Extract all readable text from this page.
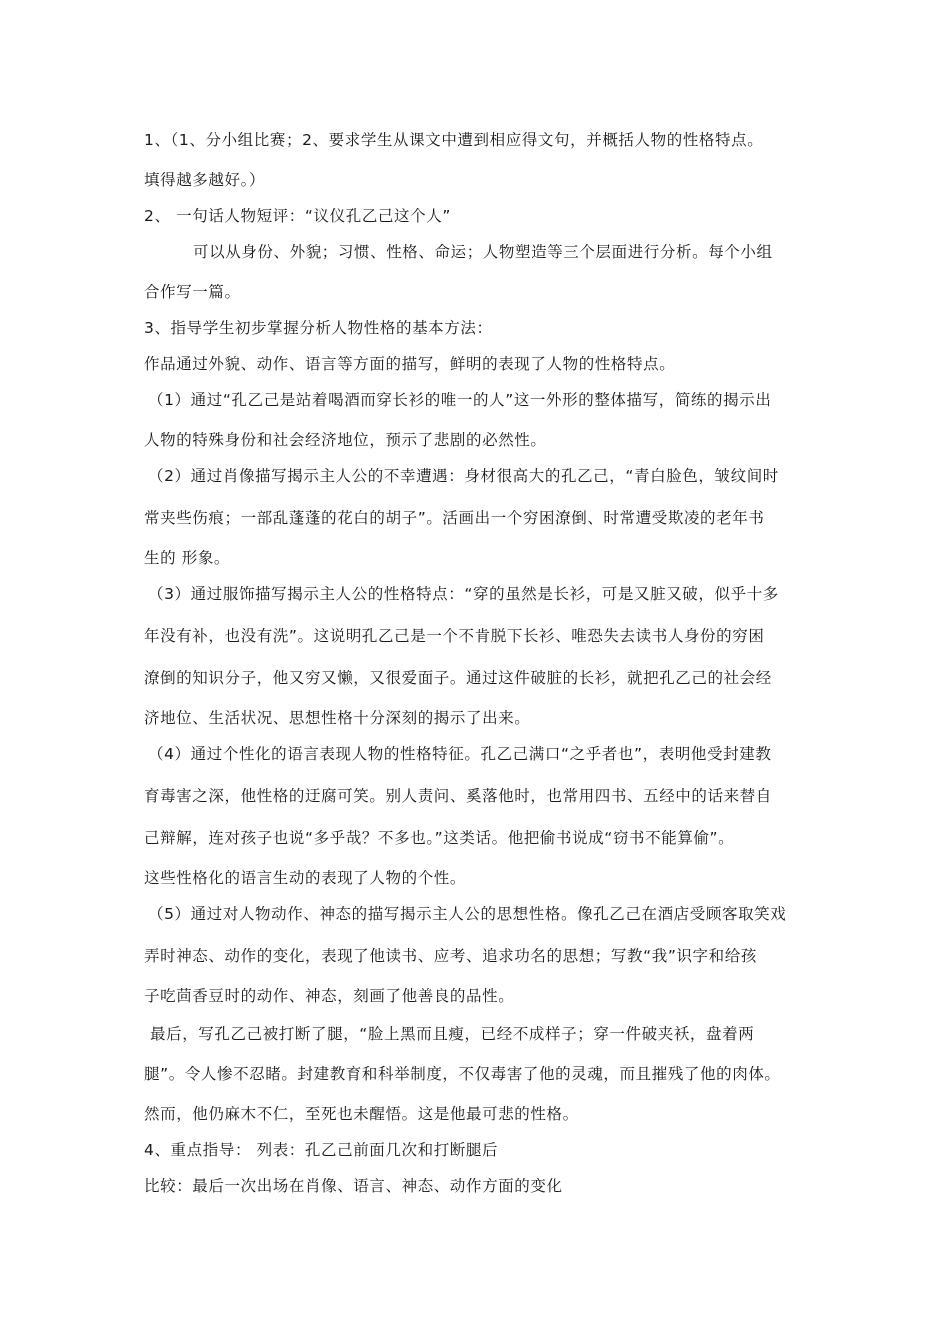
1、（1、分小组比赛；2、要求学生从课文中遭到相应得文句，并概括人物的性格特点。
填得越多越好。）
2、 一句话人物短评：“议仪孔乙己这个人”
可以从身份、外貌；习惯、性格、命运；人物塑造等三个层面进行分析。每个小组
合作写一篇。
3、指导学生初步掌握分析人物性格的基本方法：
作品通过外貌、动作、语言等方面的描写，鲜明的表现了人物的性格特点。
（1）通过“孔乙己是站着喝酒而穿长衫的唯一的人”这一外形的整体描写，简练的揭示出
人物的特殊身份和社会经济地位，预示了悲剧的必然性。
（2）通过肖像描写揭示主人公的不幸遭遇：身材很高大的孔乙己，“青白脸色，皱纹间时
常夹些伤痕；一部乱蓬蓬的花白的胡子”。活画出一个穷困潦倒、时常遭受欺凌的老年书
生的 形象。
（3）通过服饰描写揭示主人公的性格特点：“穿的虽然是长衫，可是又脏又破，似乎十多
年没有补，也没有洗”。这说明孔乙己是一个不肯脱下长衫、唯恐失去读书人身份的穷困
潦倒的知识分子，他又穷又懒，又很爱面子。通过这件破脏的长衫，就把孔乙己的社会经
济地位、生活状况、思想性格十分深刻的揭示了出来。
（4）通过个性化的语言表现人物的性格特征。孔乙己满口“之乎者也”，表明他受封建教
育毒害之深，他性格的迂腐可笑。别人责问、奚落他时，也常用四书、五经中的话来替自
己辩解，连对孩子也说“多乎哉？不多也。”这类话。他把偷书说成“窃书不能算偷”。
这些性格化的语言生动的表现了人物的个性。
（5）通过对人物动作、神态的描写揭示主人公的思想性格。像孔乙己在酒店受顾客取笑戏
弄时神态、动作的变化，表现了他读书、应考、追求功名的思想；写教“我”识字和给孩
子吃茴香豆时的动作、神态，刻画了他善良的品性。
最后，写孔乙己被打断了腿，“脸上黑而且瘦，已经不成样子；穿一件破夹袄，盘着两
腿”。令人惨不忍睹。封建教育和科举制度，不仅毒害了他的灵魂，而且摧残了他的肉体。
然而，他仍麻木不仁，至死也未醒悟。这是他最可悲的性格。
4、重点指导： 列表：孔乙己前面几次和打断腿后
比较：最后一次出场在肖像、语言、神态、动作方面的变化
